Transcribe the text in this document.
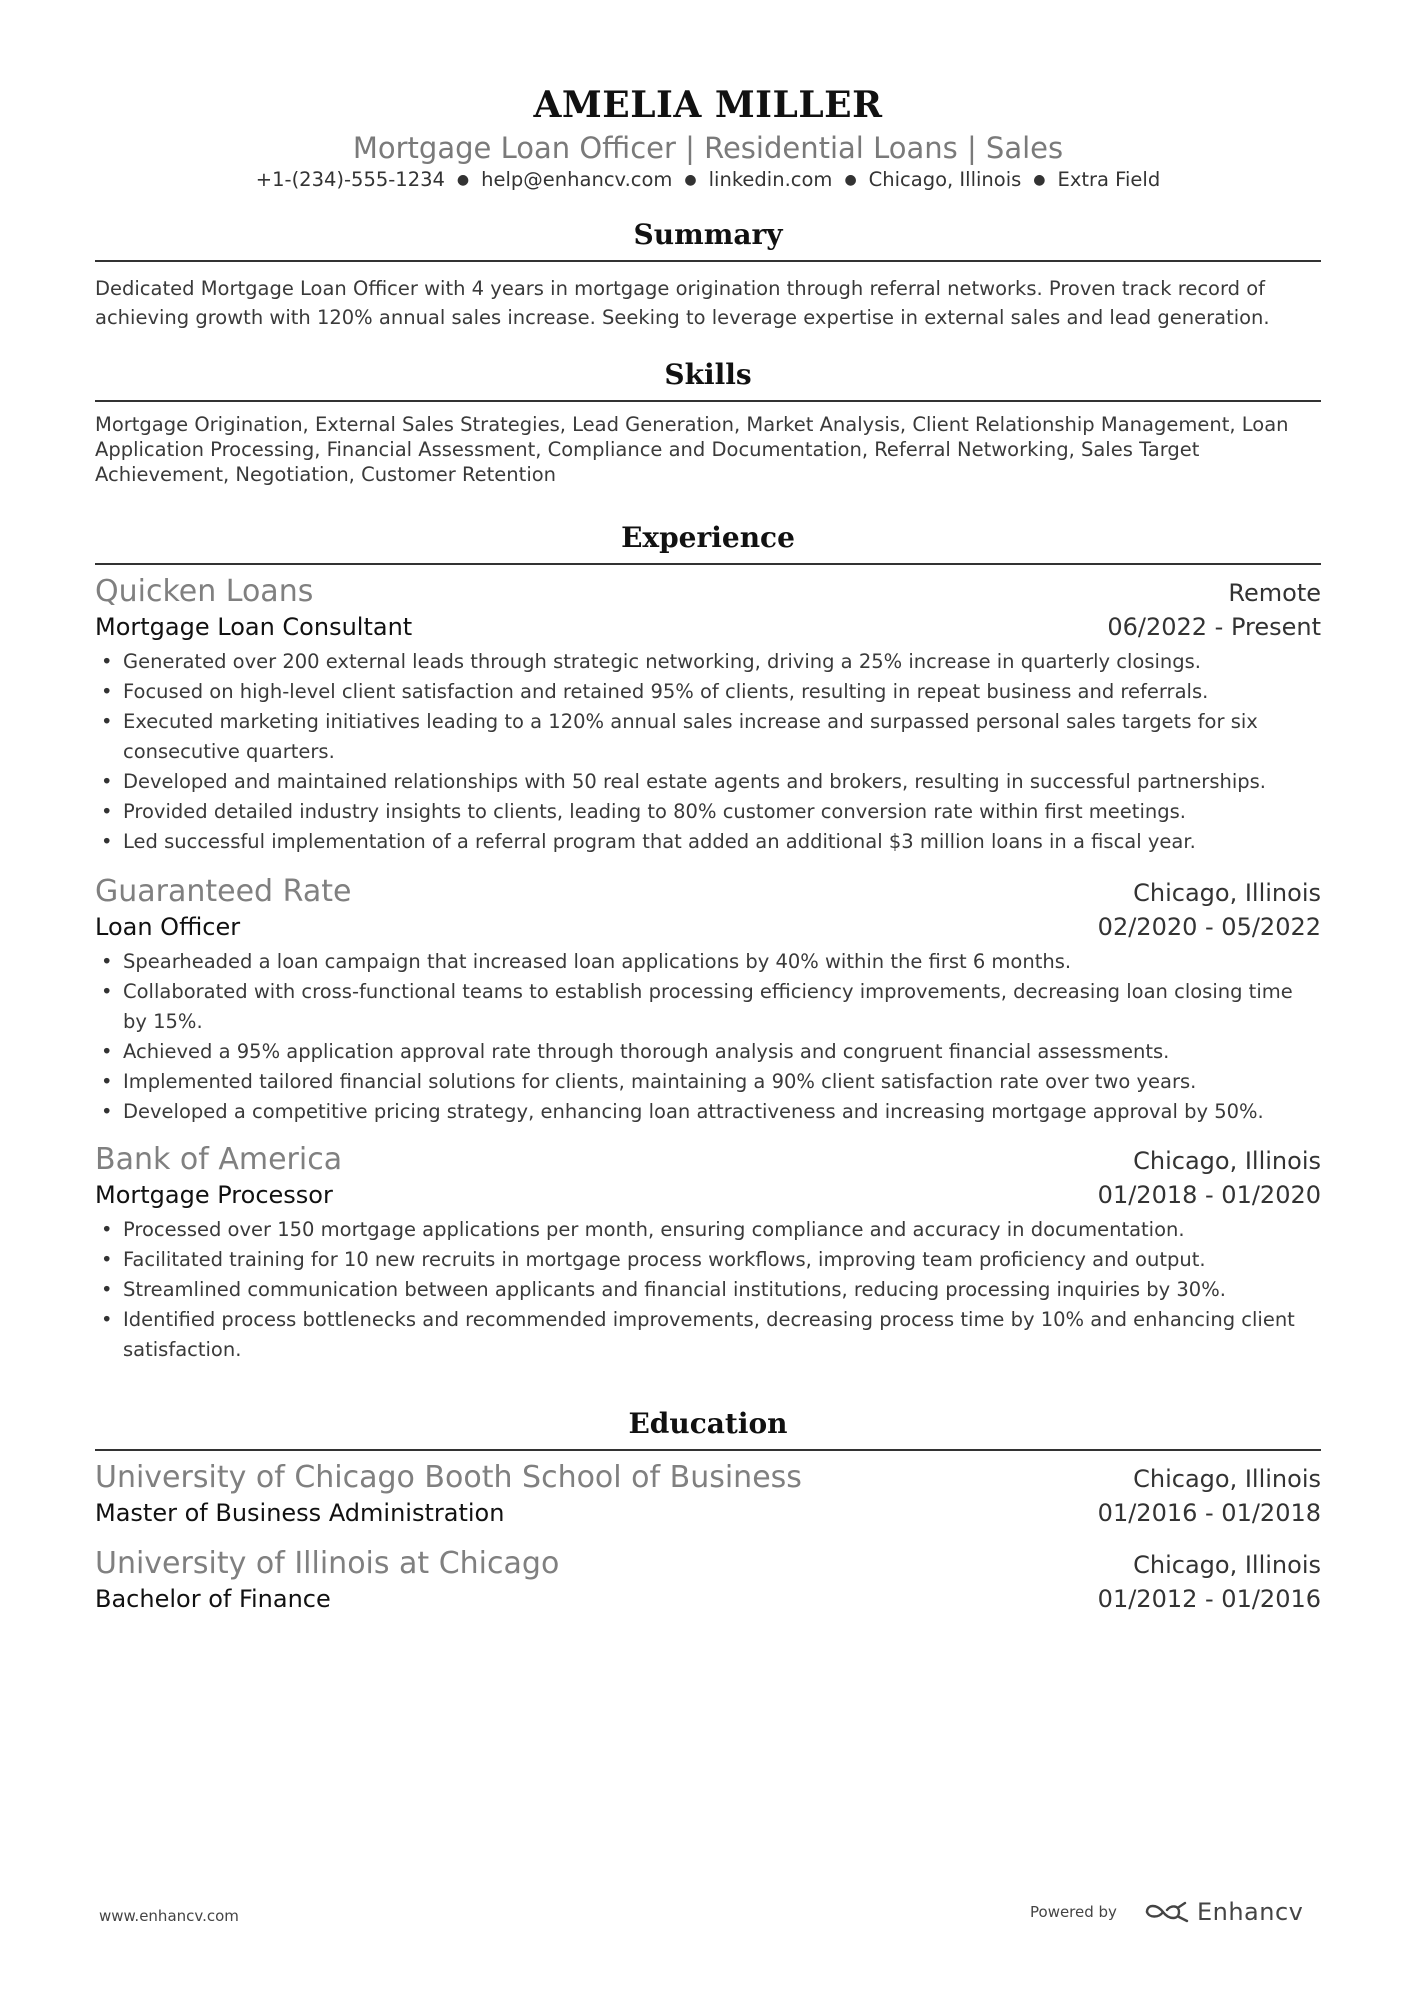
AMELIA MILLER
Mortgage Loan Officer | Residential Loans | Sales
+1-(234)-555-1234 ● help@enhancv.com ● linkedin.com ● Chicago, Illinois ● Extra Field
Summary
Dedicated Mortgage Loan Officer with 4 years in mortgage origination through referral networks. Proven track record of achieving growth with 120% annual sales increase. Seeking to leverage expertise in external sales and lead generation.
Skills
Mortgage Origination, External Sales Strategies, Lead Generation, Market Analysis, Client Relationship Management, Loan Application Processing, Financial Assessment, Compliance and Documentation, Referral Networking, Sales Target Achievement, Negotiation, Customer Retention
Experience
Quicken Loans	Remote
Mortgage Loan Consultant	06/2022 - Present
• Generated over 200 external leads through strategic networking, driving a 25% increase in quarterly closings.
• Focused on high-level client satisfaction and retained 95% of clients, resulting in repeat business and referrals.
• Executed marketing initiatives leading to a 120% annual sales increase and surpassed personal sales targets for six consecutive quarters.
• Developed and maintained relationships with 50 real estate agents and brokers, resulting in successful partnerships.
• Provided detailed industry insights to clients, leading to 80% customer conversion rate within first meetings.
• Led successful implementation of a referral program that added an additional $3 million loans in a fiscal year.
Guaranteed Rate	Chicago, Illinois
Loan Officer	02/2020 - 05/2022
• Spearheaded a loan campaign that increased loan applications by 40% within the first 6 months.
• Collaborated with cross-functional teams to establish processing efficiency improvements, decreasing loan closing time by 15%.
• Achieved a 95% application approval rate through thorough analysis and congruent financial assessments.
• Implemented tailored financial solutions for clients, maintaining a 90% client satisfaction rate over two years.
• Developed a competitive pricing strategy, enhancing loan attractiveness and increasing mortgage approval by 50%.
Bank of America	Chicago, Illinois
Mortgage Processor	01/2018 - 01/2020
• Processed over 150 mortgage applications per month, ensuring compliance and accuracy in documentation.
• Facilitated training for 10 new recruits in mortgage process workflows, improving team proficiency and output.
• Streamlined communication between applicants and financial institutions, reducing processing inquiries by 30%.
• Identified process bottlenecks and recommended improvements, decreasing process time by 10% and enhancing client satisfaction.
Education
University of Chicago Booth School of Business	Chicago, Illinois
Master of Business Administration	01/2016 - 01/2018
University of Illinois at Chicago	Chicago, Illinois
Bachelor of Finance	01/2012 - 01/2016
www.enhancv.com	Powered by	Enhancv
